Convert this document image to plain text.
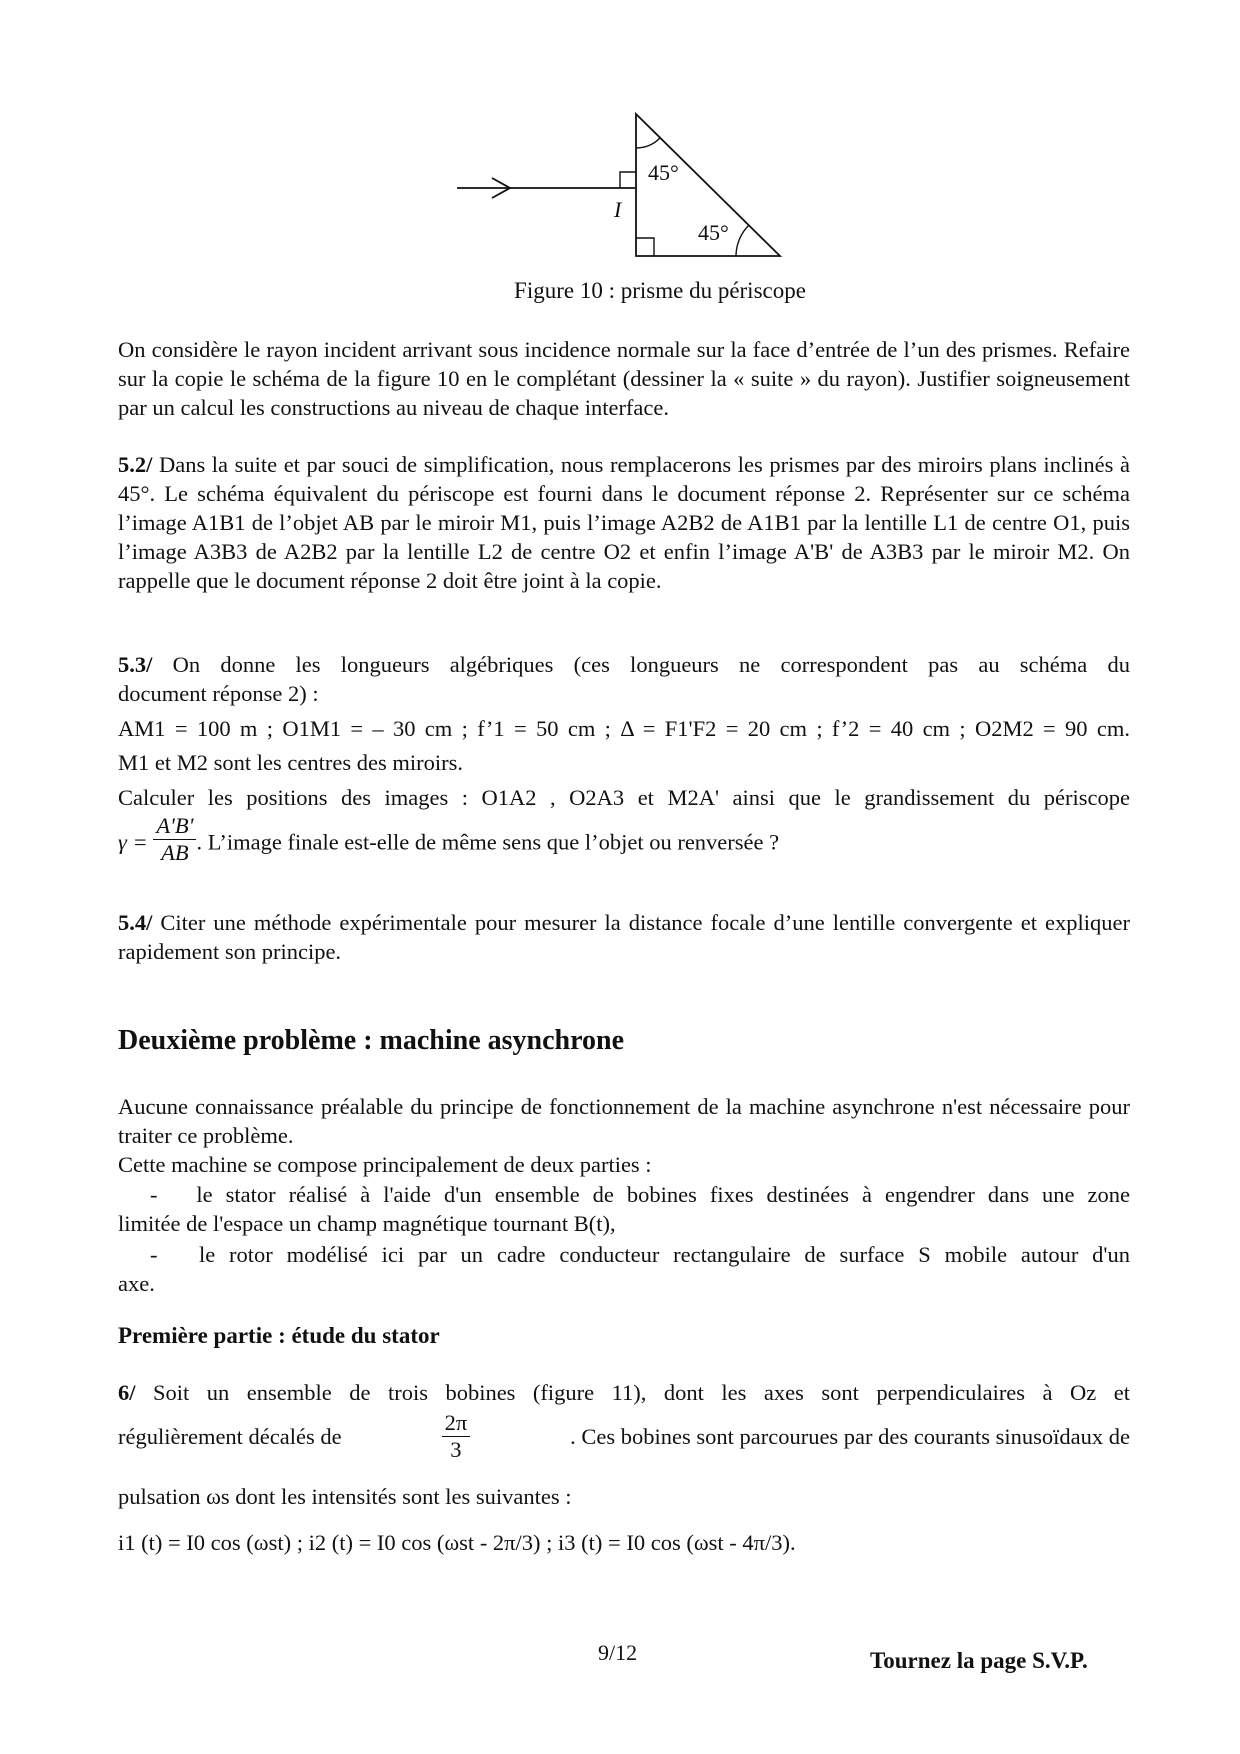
I
45°
45°
Figure 10 : prisme du périscope
On considère le rayon incident arrivant sous incidence normale sur la face d’entrée de l’un des prismes. Refaire sur la copie le schéma de la figure 10 en le complétant (dessiner la « suite » du rayon). Justifier soigneusement par un calcul les constructions au niveau de chaque interface.
5.2/ Dans la suite et par souci de simplification, nous remplacerons les prismes par des miroirs plans inclinés à 45°. Le schéma équivalent du périscope est fourni dans le document réponse 2. Représenter sur ce schéma l’image A1B1 de l’objet AB par le miroir M1, puis l’image A2B2 de A1B1 par la lentille L1 de centre O1, puis l’image A3B3 de A2B2 par la lentille L2 de centre O2 et enfin l’image A'B' de A3B3 par le miroir M2. On rappelle que le document réponse 2 doit être joint à la copie.
5.3/ On donne les longueurs algébriques (ces longueurs ne correspondent pas au schéma du
document réponse 2) :
AM1 = 100 m ; O1M1 = – 30 cm ; f’1 = 50 cm ; Δ = F1'F2 = 20 cm ; f’2 = 40 cm ; O2M2 = 90 cm.
M1 et M2 sont les centres des miroirs.
Calculer les positions des images : O1A2 , O2A3 et M2A' ainsi que le grandissement du périscope
$\gamma = \frac{A'B'}{AB}$ . L’image finale est-elle de même sens que l’objet ou renversée ?
5.4/ Citer une méthode expérimentale pour mesurer la distance focale d’une lentille convergente et expliquer rapidement son principe.
Deuxième problème : machine asynchrone
Aucune connaissance préalable du principe de fonctionnement de la machine asynchrone n'est nécessaire pour traiter ce problème.
Cette machine se compose principalement de deux parties :
-   le stator réalisé à l'aide d'un ensemble de bobines fixes destinées à engendrer dans une zone
limitée de l'espace un champ magnétique tournant B(t),
-   le rotor modélisé ici par un cadre conducteur rectangulaire de surface S mobile autour d'un
axe.
Première partie : étude du stator
6/ Soit un ensemble de trois bobines (figure 11), dont les axes sont perpendiculaires à Oz et
régulièrement décalés de	$\frac{2\pi}{3}$	. Ces bobines sont parcourues par des courants sinusoïdaux de
pulsation ωs dont les intensités sont les suivantes :
i1 (t) = I0 cos (ωst) ; i2 (t) = I0 cos (ωst - 2π/3) ; i3 (t) = I0 cos (ωst - 4π/3).
9/12	Tournez la page S.V.P.
